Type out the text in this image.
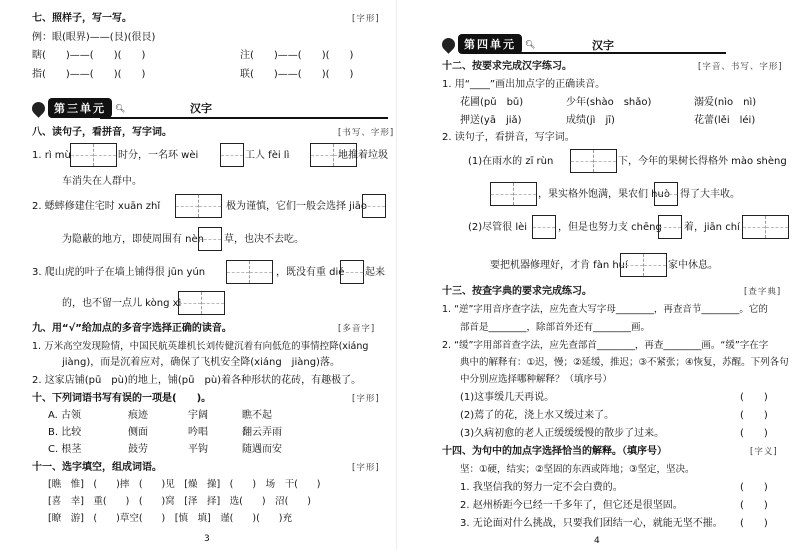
七、照样子，写一写。	[字形]
例：眼(眼界)——(艮)(很艮)
瞎(　　)——(　　)(　　)	注(　　)——(　　)(　　)
指(　　)——(　　)(　　)	联(　　)——(　　)(　　)
第三单元	🔍︎	汉字
八、读句子，看拼音，写字词。	[书写、字形]
1. rì mù	时分，一名环 wèi	工人 fèi lì	地推着垃圾
车消失在人群中。
2. 蟋蟀修建住宅时 xuān zhǐ	极为谨慎，它们一般会选择 jiāo
为隐蔽的地方，即使周围有 nèn 草，也决不去吃。
3. 爬山虎的叶子在墙上铺得很 jūn yún	，既没有重 dié 起来
的，也不留一点儿 kòng xì
九、用“√”给加点的多音字选择正确的读音。	[多音字]
1. 万米高空发现险情，中国民航英雄机长刘传健沉着有向低危的事情控降(xiáng
jiàng)，而是沉着应对，确保了飞机安全降(xiáng　jiàng)落。
2. 这家店铺(pū　pù)的地上，铺(pū　pù)着各种形状的花砖，有趣极了。
十、下列词语书写有误的一项是(　　)。	[字形]
A. 古领	痕迹	宇阔	瞧不起
B. 比较	侧面	吟唱	翻云弄雨
C. 根茎	鼓劳	平钩	随遇而安
十一、选字填空，组成词语。	[字形]
[瞧　惟]　(　　)摔　(　　)见　[燥　操]　(　　)　场　干(　　)
[喜　幸]　重(　　)　(　　)窝　[泽　择]　选(　　)　沼(　　)
[瞭　游]　(　　)草空(　　)　[慎　填]　谨(　　)(　　)充
3
第四单元	🔍︎	汉字
十二、按要求完成汉字练习。	[字音、书写、字形]
1. 用“____”画出加点字的正确读音。
花圃(pǔ　bǔ)	少年(shào　shǎo)	溺爱(nìo　nì)
押送(yā　jiǎ)	成绩(jì　jī)	花蕾(lěi　léi)
2. 读句子，看拼音，写字词。
(1)在雨水的 zī rùn	下，今年的果树长得格外 mào shèng
，果实格外饱满，果农们 huò 得了大丰收。
(2)尽管很 lèi	，但是也努力支 chēng 着，jiān chí
要把机器修理好，才肯 fàn huí	家中休息。
十三、按查字典的要求完成练习。	[查字典]
1. “逆”字用音序查字法，应先查大写字母________，再查音节________。它的
部首是________，除部首外还有________画。
2. “缓”字用部首查字法，应先查部首________，再查________画。“缓”字在字
典中的解释有：①迟，慢；②延缓，推迟；③不紧张；④恢复，苏醒。下列各句
中分别应选择哪种解释？（填序号）
(1)这事缓几天再说。	(　　)
(2)蔫了的花，浇上水又缓过来了。	(　　)
(3)久病初愈的老人正缓缓缓慢的散步了过来。	(　　)
十四、为句中的加点字选择恰当的解释。（填序号）	[字义]
坚：①硬，结实；②坚固的东西或阵地；③坚定，坚决。
1. 我坚信我的努力一定不会白费的。	(　　)
2. 赵州桥距今已经一千多年了，但它还是很坚固。	(　　)
3. 无论面对什么挑战，只要我们团结一心，就能无坚不摧。 (　　)
4
